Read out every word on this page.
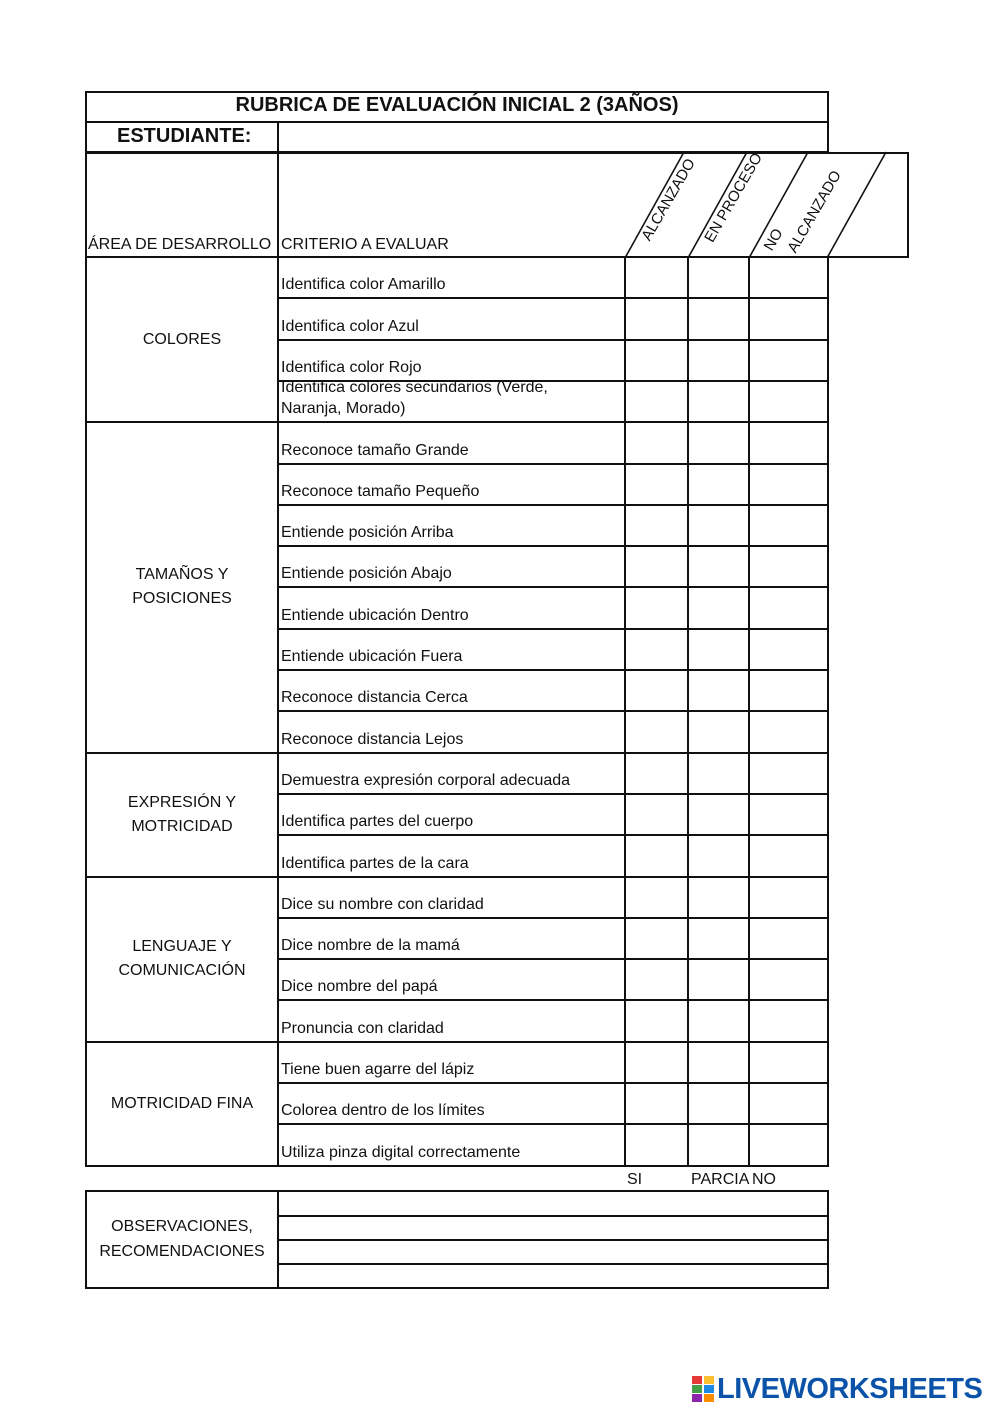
RUBRICA DE EVALUACIÓN INICIAL 2 (3AÑOS)
ESTUDIANTE:
ÁREA DE DESARROLLO CRITERIO A EVALUAR
ALCANZADO EN PROCESO
NO
ALCANZADO
Identifica color Amarillo
Identifica color Azul
Identifica color Rojo
Identifica colores secundarios (Verde,
Naranja, Morado)
Reconoce tamaño Grande
Reconoce tamaño Pequeño
Entiende posición Arriba
Entiende posición Abajo
Entiende ubicación Dentro
Entiende ubicación Fuera
Reconoce distancia Cerca
Reconoce distancia Lejos
Demuestra expresión corporal adecuada
Identifica partes del cuerpo
Identifica partes de la cara
Dice su nombre con claridad
Dice nombre de la mamá
Dice nombre del papá
Pronuncia con claridad
Tiene buen agarre del lápiz
Colorea dentro de los límites
Utiliza pinza digital correctamente
COLORES
TAMAÑOS Y
POSICIONES
EXPRESIÓN Y
MOTRICIDAD
LENGUAJE Y
COMUNICACIÓN
MOTRICIDAD FINA
SI	PARCIA NO
OBSERVACIONES,
RECOMENDACIONES
LIVEWORKSHEETS
